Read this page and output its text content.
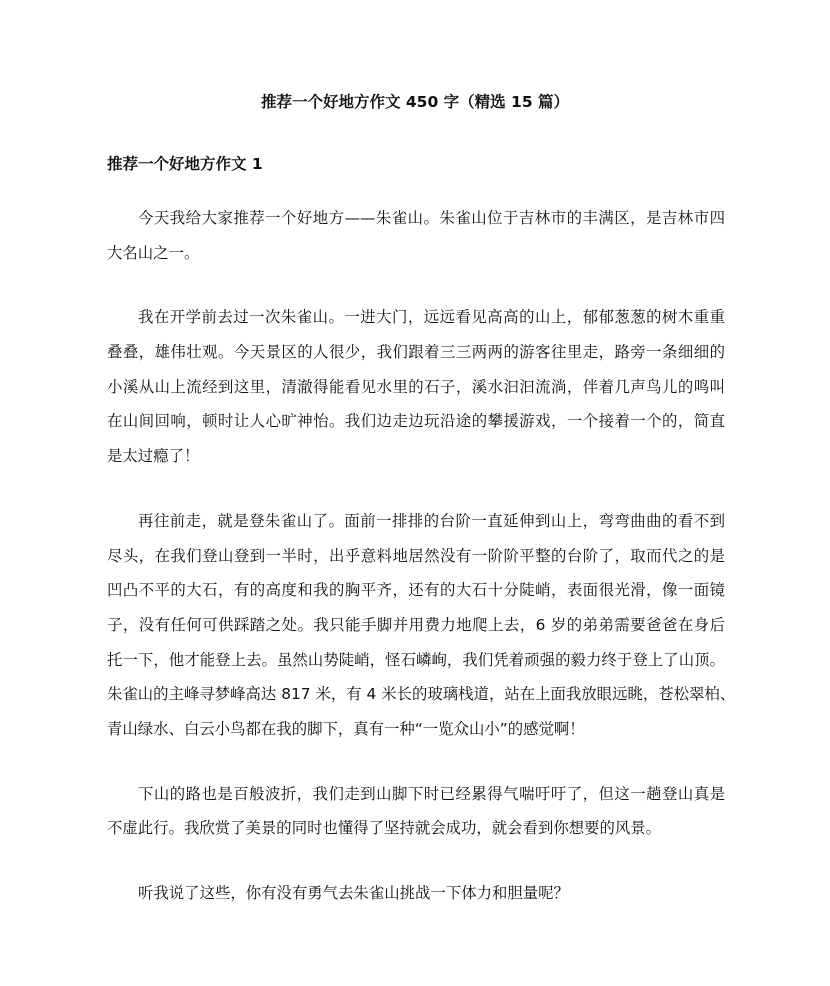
推荐一个好地方作文 450 字（精选 15 篇）
推荐一个好地方作文 1
今天我给大家推荐一个好地方——朱雀山。朱雀山位于吉林市的丰满区，是吉林市四
大名山之一。
我在开学前去过一次朱雀山。一进大门，远远看见高高的山上，郁郁葱葱的树木重重
叠叠，雄伟壮观。今天景区的人很少，我们跟着三三两两的游客往里走，路旁一条细细的
小溪从山上流经到这里，清澈得能看见水里的石子，溪水汩汩流淌，伴着几声鸟儿的鸣叫
在山间回响，顿时让人心旷神怡。我们边走边玩沿途的攀援游戏，一个接着一个的，简直
是太过瘾了！
再往前走，就是登朱雀山了。面前一排排的台阶一直延伸到山上，弯弯曲曲的看不到
尽头，在我们登山登到一半时，出乎意料地居然没有一阶阶平整的台阶了，取而代之的是
凹凸不平的大石，有的高度和我的胸平齐，还有的大石十分陡峭，表面很光滑，像一面镜
子，没有任何可供踩踏之处。我只能手脚并用费力地爬上去，6 岁的弟弟需要爸爸在身后
托一下，他才能登上去。虽然山势陡峭，怪石嶙峋，我们凭着顽强的毅力终于登上了山顶。
朱雀山的主峰寻梦峰高达 817 米，有 4 米长的玻璃栈道，站在上面我放眼远眺，苍松翠柏、
青山绿水、白云小鸟都在我的脚下，真有一种“一览众山小”的感觉啊！
下山的路也是百般波折，我们走到山脚下时已经累得气喘吁吁了，但这一趟登山真是
不虚此行。我欣赏了美景的同时也懂得了坚持就会成功，就会看到你想要的风景。
听我说了这些，你有没有勇气去朱雀山挑战一下体力和胆量呢？
